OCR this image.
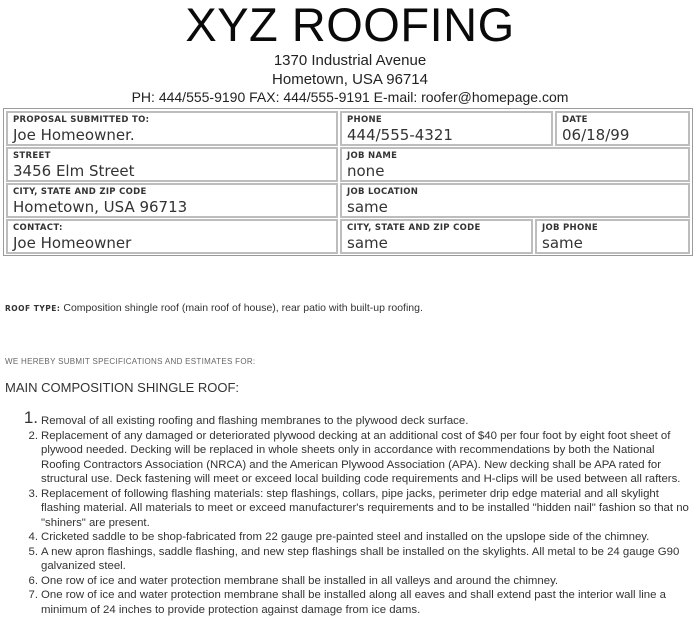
XYZ ROOFING
1370 Industrial Avenue
Hometown, USA 96714
PH: 444/555-9190 FAX: 444/555-9191 E-mail: roofer@homepage.com
PROPOSAL SUBMITTED TO:
Joe Homeowner.
PHONE
444/555-4321
DATE
06/18/99
STREET
3456 Elm Street
JOB NAME
none
CITY, STATE AND ZIP CODE
Hometown, USA 96713
JOB LOCATION
same
CONTACT:
Joe Homeowner
CITY, STATE AND ZIP CODE
same
JOB PHONE
same
ROOF TYPE: Composition shingle roof (main roof of house), rear patio with built-up roofing.
WE HEREBY SUBMIT SPECIFICATIONS AND ESTIMATES FOR:
MAIN COMPOSITION SHINGLE ROOF:
1. Removal of all existing roofing and flashing membranes to the plywood deck surface.
2. Replacement of any damaged or deteriorated plywood decking at an additional cost of $40 per four foot by eight foot sheet of plywood needed. Decking will be replaced in whole sheets only in accordance with recommendations by both the National Roofing Contractors Association (NRCA) and the American Plywood Association (APA). New decking shall be APA rated for structural use. Deck fastening will meet or exceed local building code requirements and H-clips will be used between all rafters.
3. Replacement of following flashing materials: step flashings, collars, pipe jacks, perimeter drip edge material and all skylight flashing material. All materials to meet or exceed manufacturer's requirements and to be installed "hidden nail" fashion so that no "shiners" are present.
4. Cricketed saddle to be shop-fabricated from 22 gauge pre-painted steel and installed on the upslope side of the chimney.
5. A new apron flashings, saddle flashing, and new step flashings shall be installed on the skylights. All metal to be 24 gauge G90 galvanized steel.
6. One row of ice and water protection membrane shall be installed in all valleys and around the chimney.
7. One row of ice and water protection membrane shall be installed along all eaves and shall extend past the interior wall line a minimum of 24 inches to provide protection against damage from ice dams.
